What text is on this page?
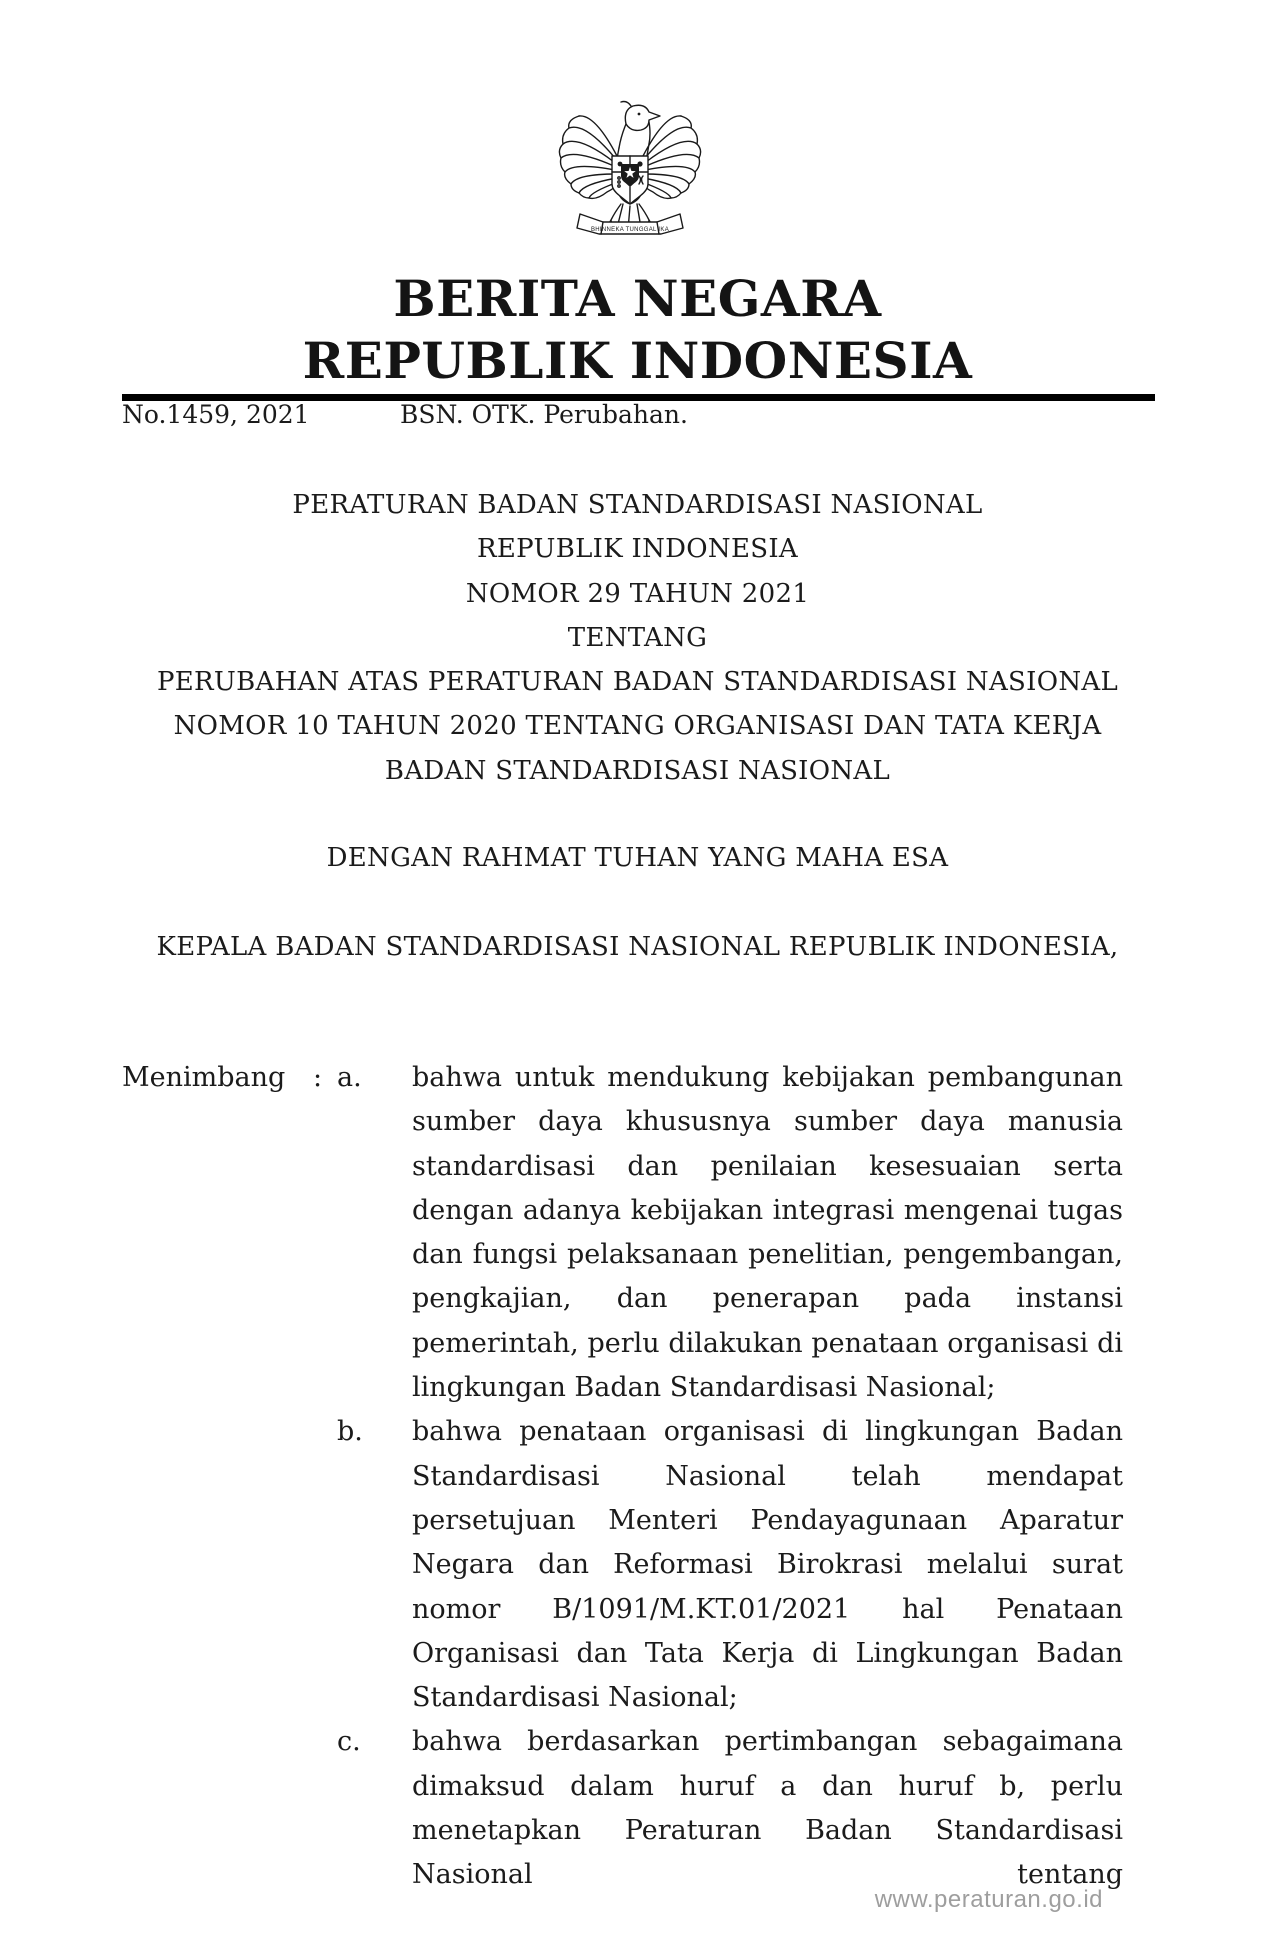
BHINNEKA TUNGGAL IKA
BERITA NEGARA
REPUBLIK INDONESIA
No.1459, 2021	BSN. OTK. Perubahan.
PERATURAN BADAN STANDARDISASI NASIONAL
REPUBLIK INDONESIA
NOMOR 29 TAHUN 2021
TENTANG
PERUBAHAN ATAS PERATURAN BADAN STANDARDISASI NASIONAL
NOMOR 10 TAHUN 2020 TENTANG ORGANISASI DAN TATA KERJA
BADAN STANDARDISASI NASIONAL
DENGAN RAHMAT TUHAN YANG MAHA ESA
KEPALA BADAN STANDARDISASI NASIONAL REPUBLIK INDONESIA,
Menimbang	: a.	bahwa untuk mendukung kebijakan pembangunan sumber daya khususnya sumber daya manusia standardisasi dan penilaian kesesuaian serta dengan adanya kebijakan integrasi mengenai tugas dan fungsi pelaksanaan penelitian, pengembangan, pengkajian, dan penerapan pada instansi pemerintah, perlu dilakukan penataan organisasi di lingkungan Badan Standardisasi Nasional;

b.	bahwa penataan organisasi di lingkungan Badan Standardisasi Nasional telah mendapat persetujuan Menteri Pendayagunaan Aparatur Negara dan Reformasi Birokrasi melalui surat nomor B/1091/M.KT.01/2021 hal Penataan Organisasi dan Tata Kerja di Lingkungan Badan Standardisasi Nasional;

c.	bahwa berdasarkan pertimbangan sebagaimana dimaksud dalam huruf a dan huruf b, perlu menetapkan Peraturan Badan Standardisasi Nasional tentang

www.peraturan.go.id
